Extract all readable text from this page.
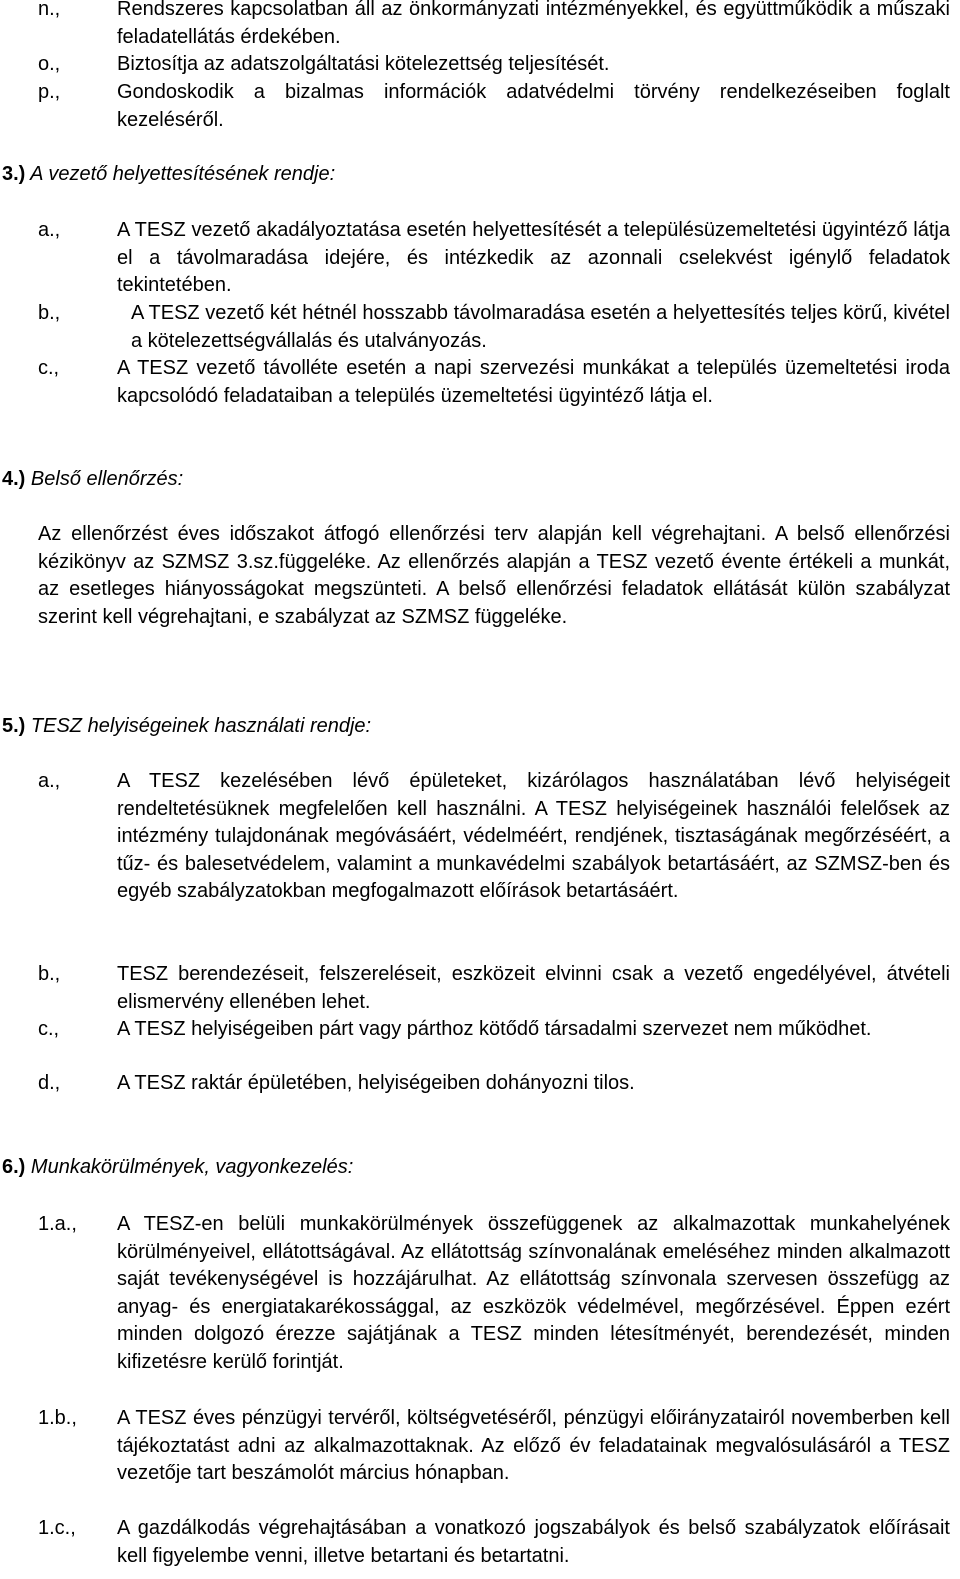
n.,	Rendszeres kapcsolatban áll az önkormányzati intézményekkel, és együttműködik a műszaki feladatellátás érdekében.
o.,	Biztosítja az adatszolgáltatási kötelezettség teljesítését.
p.,	Gondoskodik a bizalmas információk adatvédelmi törvény rendelkezéseiben foglalt kezeléséről.
3.) A vezető helyettesítésének rendje:
a.,	A TESZ vezető akadályoztatása esetén helyettesítését a településüzemeltetési ügyintéző látja el a távolmaradása idejére, és intézkedik az azonnali cselekvést igénylő feladatok tekintetében.
b.,	A TESZ vezető két hétnél hosszabb távolmaradása esetén a helyettesítés teljes körű, kivétel a kötelezettségvállalás és utalványozás.
c.,	A TESZ vezető távolléte esetén a napi szervezési munkákat a település üzemeltetési iroda kapcsolódó feladataiban a település üzemeltetési ügyintéző látja el.
4.) Belső ellenőrzés:
Az ellenőrzést éves időszakot átfogó ellenőrzési terv alapján kell végrehajtani. A belső ellenőrzési kézikönyv az SZMSZ 3.sz.függeléke. Az ellenőrzés alapján a TESZ vezető évente értékeli a munkát, az esetleges hiányosságokat megszünteti. A belső ellenőrzési feladatok ellátását külön szabályzat szerint kell végrehajtani, e szabályzat az SZMSZ függeléke.
5.) TESZ helyiségeinek használati rendje:
a.,	A TESZ kezelésében lévő épületeket, kizárólagos használatában lévő helyiségeit rendeltetésüknek megfelelően kell használni. A TESZ helyiségeinek használói felelősek az intézmény tulajdonának megóvásáért, védelméért, rendjének, tisztaságának megőrzéséért, a tűz- és balesetvédelem, valamint a munkavédelmi szabályok betartásáért, az SZMSZ-ben és egyéb szabályzatokban megfogalmazott előírások betartásáért.
b.,	TESZ berendezéseit, felszereléseit, eszközeit elvinni csak a vezető engedélyével, átvételi elismervény ellenében lehet.
c.,	A TESZ helyiségeiben párt vagy párthoz kötődő társadalmi szervezet nem működhet.
d.,	A TESZ raktár épületében, helyiségeiben dohányozni tilos.
6.) Munkakörülmények, vagyonkezelés:
1.a., A TESZ-en belüli munkakörülmények összefüggenek az alkalmazottak munkahelyének körülményeivel, ellátottságával. Az ellátottság színvonalának emeléséhez minden alkalmazott saját tevékenységével is hozzájárulhat. Az ellátottság színvonala szervesen összefügg az anyag- és energiatakarékossággal, az eszközök védelmével, megőrzésével. Éppen ezért minden dolgozó érezze sajátjának a TESZ minden létesítményét, berendezését, minden kifizetésre kerülő forintját.
1.b., A TESZ éves pénzügyi tervéről, költségvetéséről, pénzügyi előirányzatairól novemberben kell tájékoztatást adni az alkalmazottaknak. Az előző év feladatainak megvalósulásáról a TESZ vezetője tart beszámolót március hónapban.
1.c., A gazdálkodás végrehajtásában a vonatkozó jogszabályok és belső szabályzatok előírásait kell figyelembe venni, illetve betartani és betartatni.
